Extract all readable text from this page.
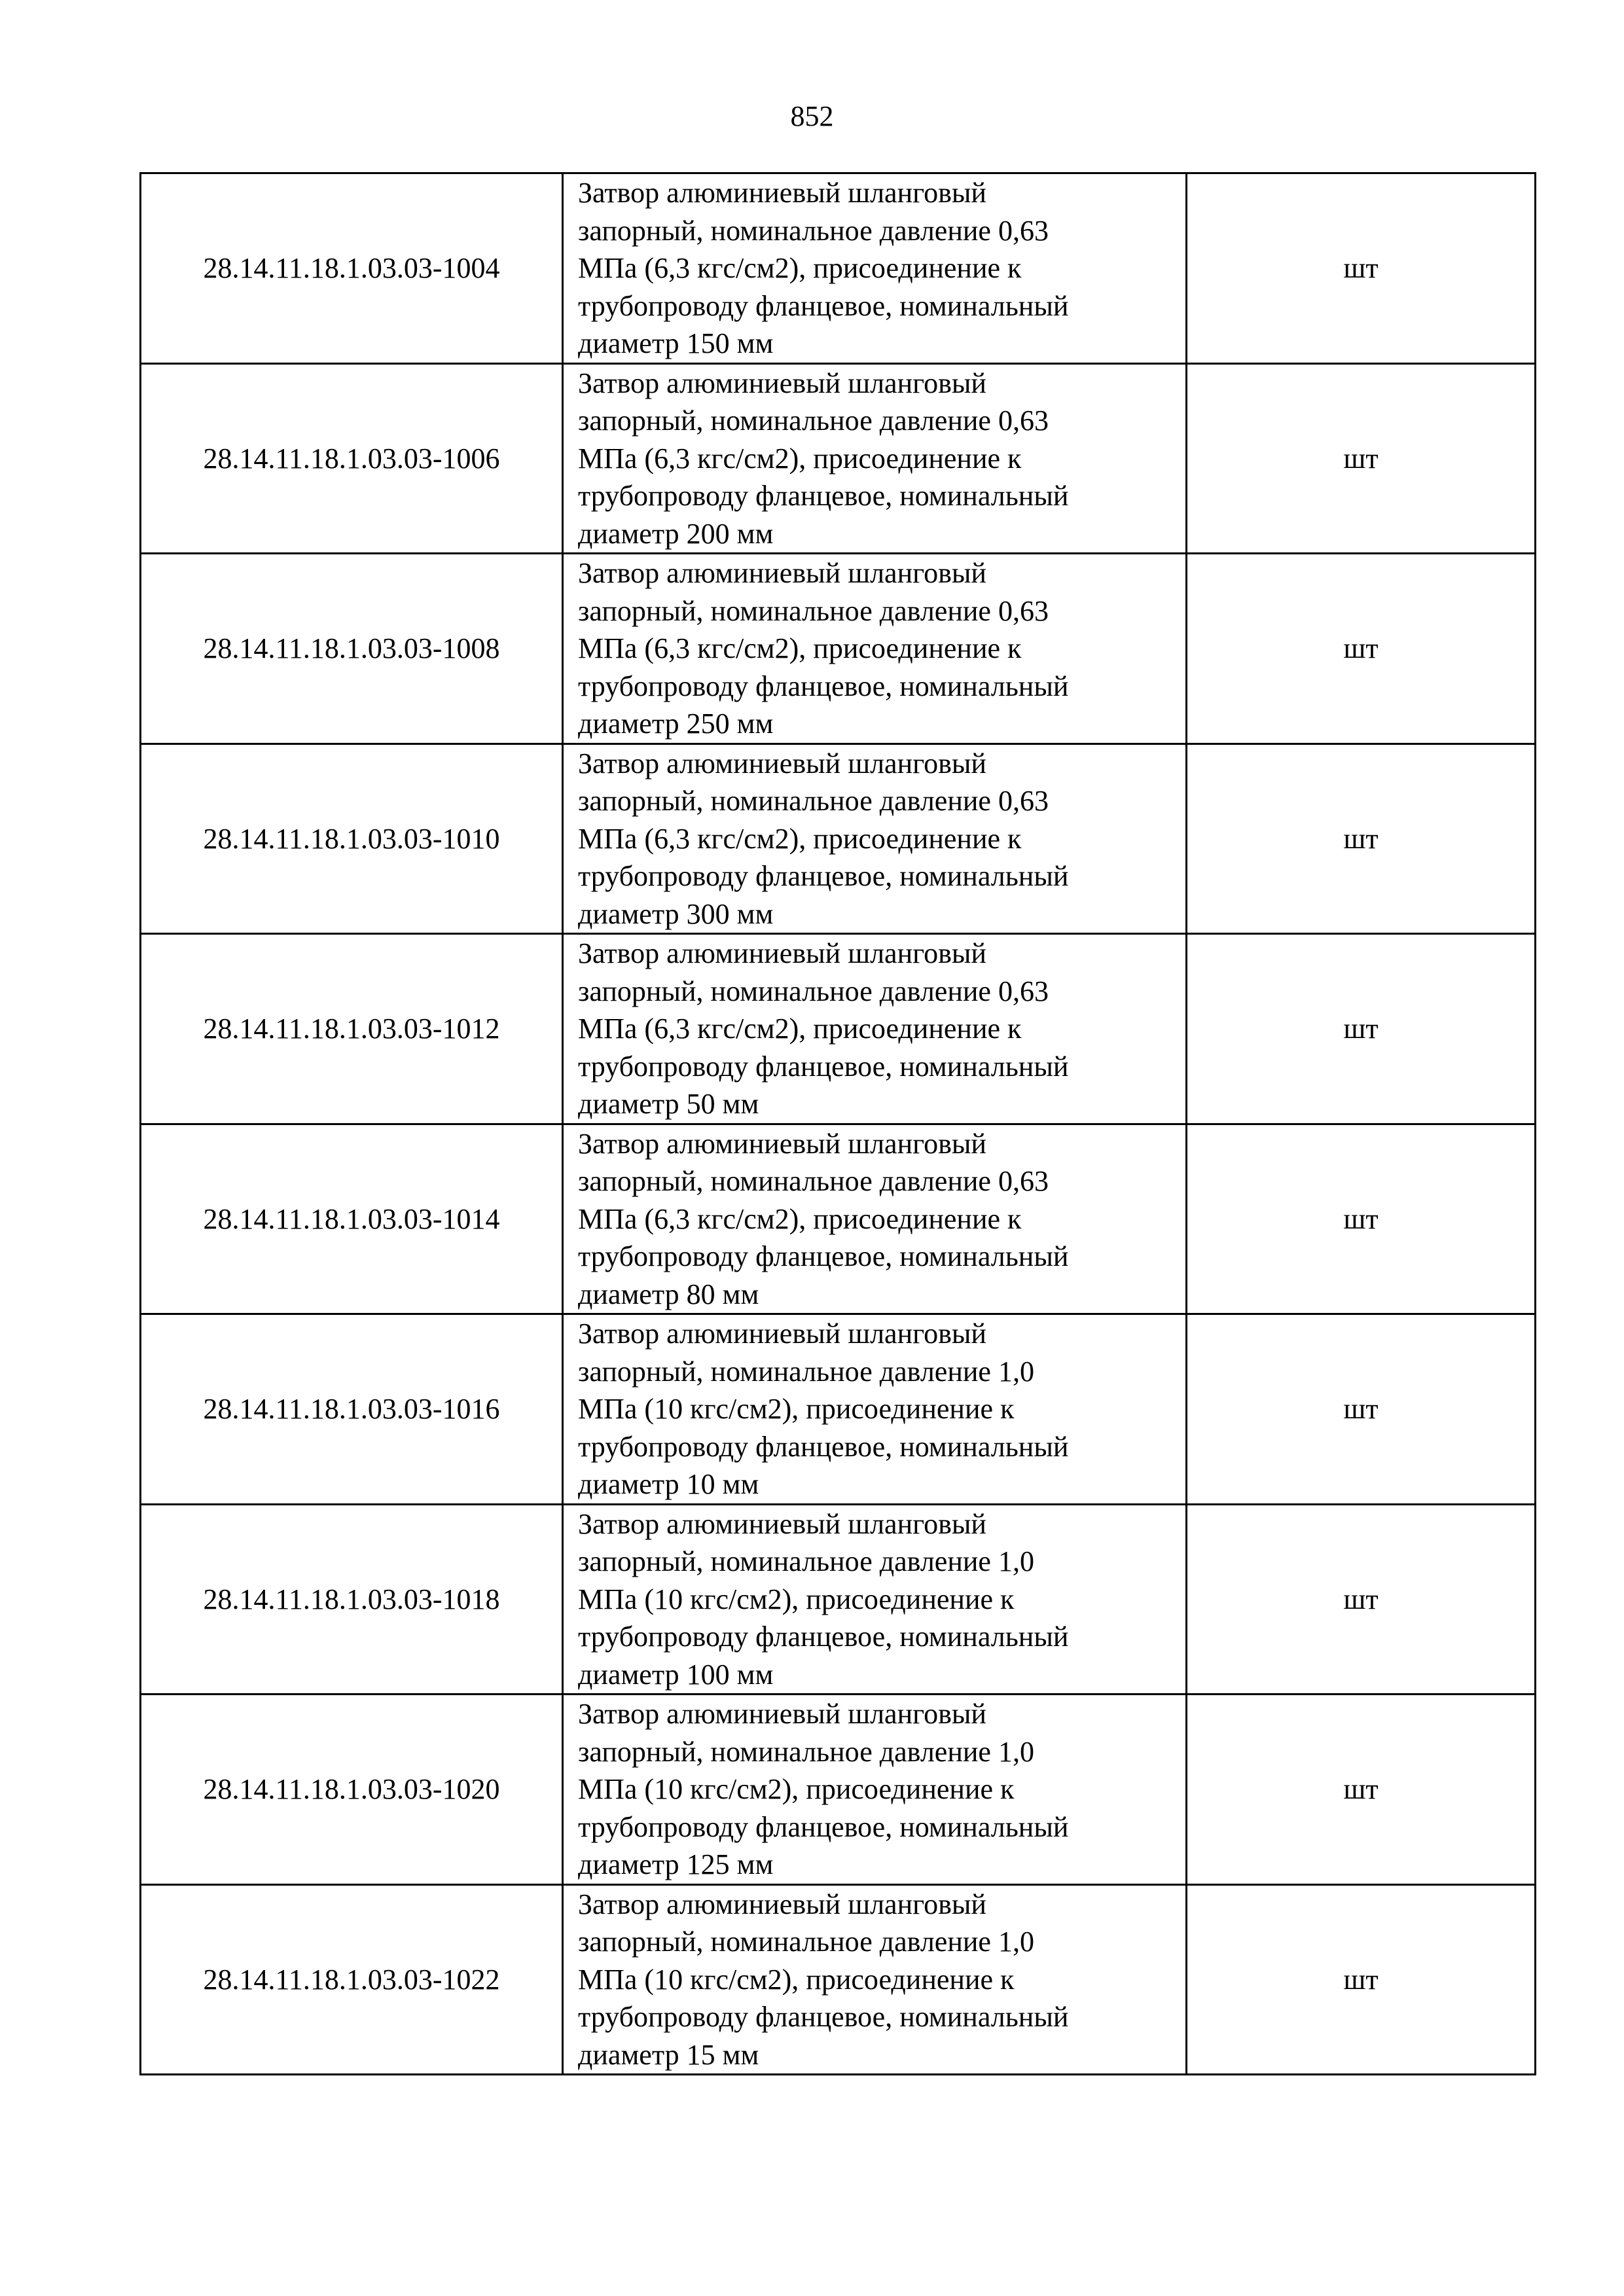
852
28.14.11.18.1.03.03-1004	Затвор алюминиевый шланговый
запорный, номинальное давление 0,63
МПа (6,3 кгс/см2), присоединение к
трубопроводу фланцевое, номинальный
диаметр 150 мм	шт
28.14.11.18.1.03.03-1006	Затвор алюминиевый шланговый
запорный, номинальное давление 0,63
МПа (6,3 кгс/см2), присоединение к
трубопроводу фланцевое, номинальный
диаметр 200 мм	шт
28.14.11.18.1.03.03-1008	Затвор алюминиевый шланговый
запорный, номинальное давление 0,63
МПа (6,3 кгс/см2), присоединение к
трубопроводу фланцевое, номинальный
диаметр 250 мм	шт
28.14.11.18.1.03.03-1010	Затвор алюминиевый шланговый
запорный, номинальное давление 0,63
МПа (6,3 кгс/см2), присоединение к
трубопроводу фланцевое, номинальный
диаметр 300 мм	шт
28.14.11.18.1.03.03-1012	Затвор алюминиевый шланговый
запорный, номинальное давление 0,63
МПа (6,3 кгс/см2), присоединение к
трубопроводу фланцевое, номинальный
диаметр 50 мм	шт
28.14.11.18.1.03.03-1014	Затвор алюминиевый шланговый
запорный, номинальное давление 0,63
МПа (6,3 кгс/см2), присоединение к
трубопроводу фланцевое, номинальный
диаметр 80 мм	шт
28.14.11.18.1.03.03-1016	Затвор алюминиевый шланговый
запорный, номинальное давление 1,0
МПа (10 кгс/см2), присоединение к
трубопроводу фланцевое, номинальный
диаметр 10 мм	шт
28.14.11.18.1.03.03-1018	Затвор алюминиевый шланговый
запорный, номинальное давление 1,0
МПа (10 кгс/см2), присоединение к
трубопроводу фланцевое, номинальный
диаметр 100 мм	шт
28.14.11.18.1.03.03-1020	Затвор алюминиевый шланговый
запорный, номинальное давление 1,0
МПа (10 кгс/см2), присоединение к
трубопроводу фланцевое, номинальный
диаметр 125 мм	шт
28.14.11.18.1.03.03-1022	Затвор алюминиевый шланговый
запорный, номинальное давление 1,0
МПа (10 кгс/см2), присоединение к
трубопроводу фланцевое, номинальный
диаметр 15 мм	шт
